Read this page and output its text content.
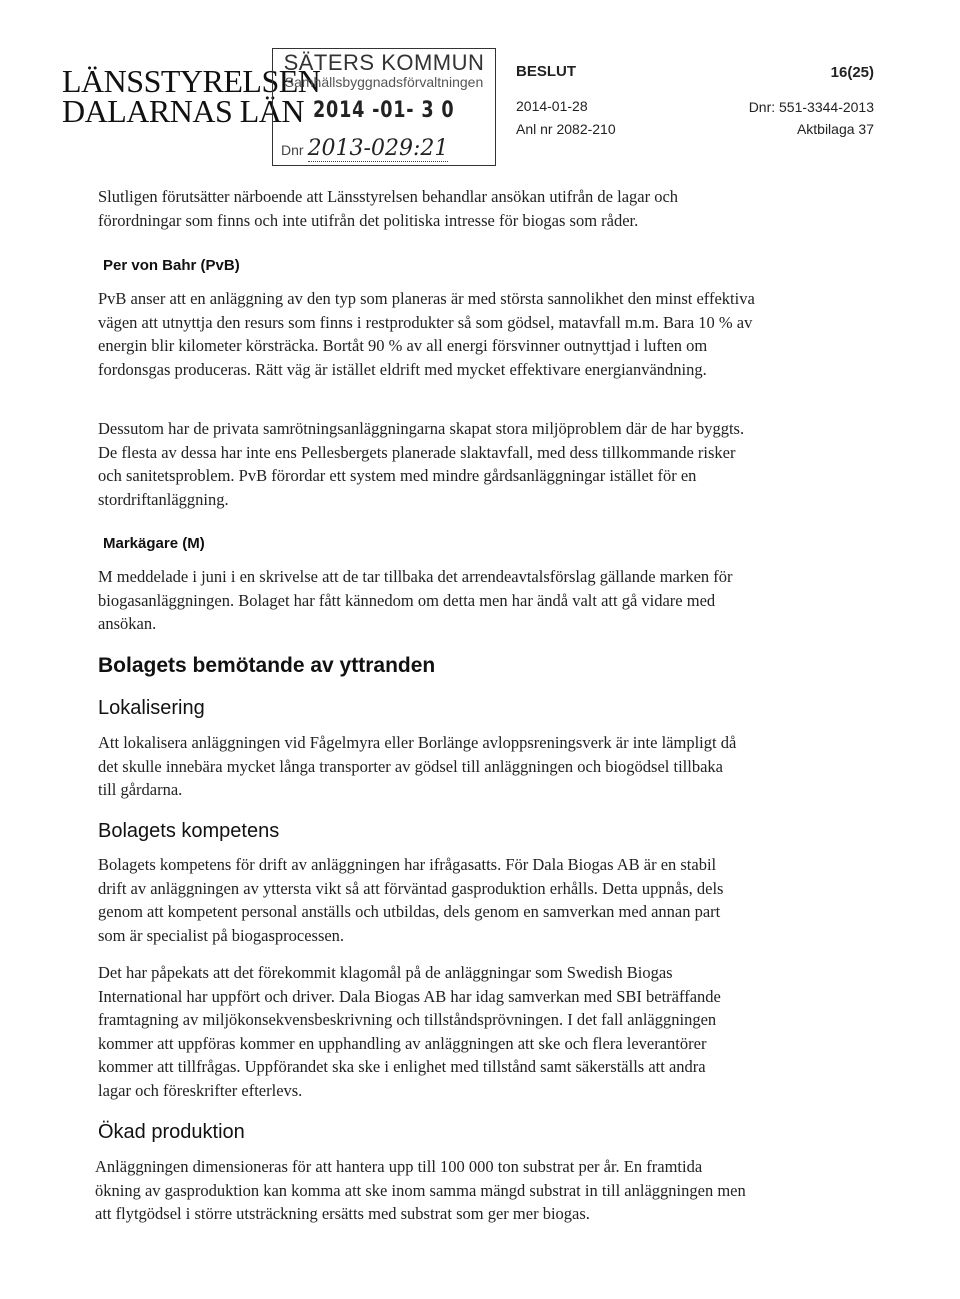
LÄNSSTYRELSEN
DALARNAS LÄN
SÄTERS KOMMUN
Samhällsbyggnadsförvaltningen
2014 -01- 3 0
Dnr 2013-029:21
BESLUT
2014-01-28
Anl nr 2082-210
16(25)
Dnr: 551-3344-2013
Aktbilaga 37

Slutligen förutsätter närboende att Länsstyrelsen behandlar ansökan utifrån de lagar och förordningar som finns och inte utifrån det politiska intresse för biogas som råder.

Per von Bahr (PvB)

PvB anser att en anläggning av den typ som planeras är med största sannolikhet den minst effektiva vägen att utnyttja den resurs som finns i restprodukter så som gödsel, matavfall m.m. Bara 10 % av energin blir kilometer körsträcka. Bortåt 90 % av all energi försvinner outnyttjad i luften om fordonsgas produceras. Rätt väg är istället eldrift med mycket effektivare energianvändning.

Dessutom har de privata samrötningsanläggningarna skapat stora miljöproblem där de har byggts. De flesta av dessa har inte ens Pellesbergets planerade slaktavfall, med dess tillkommande risker och sanitetsproblem. PvB förordar ett system med mindre gårdsanläggningar istället för en stordriftanläggning.

Markägare (M)

M meddelade i juni i en skrivelse att de tar tillbaka det arrendeavtalsförslag gällande marken för biogasanläggningen. Bolaget har fått kännedom om detta men har ändå valt att gå vidare med ansökan.

Bolagets bemötande av yttranden
Lokalisering

Att lokalisera anläggningen vid Fågelmyra eller Borlänge avloppsreningsverk är inte lämpligt då det skulle innebära mycket långa transporter av gödsel till anläggningen och biogödsel tillbaka till gårdarna.

Bolagets kompetens

Bolagets kompetens för drift av anläggningen har ifrågasatts. För Dala Biogas AB är en stabil drift av anläggningen av yttersta vikt så att förväntad gasproduktion erhålls. Detta uppnås, dels genom att kompetent personal anställs och utbildas, dels genom en samverkan med annan part som är specialist på biogasprocessen.

Det har påpekats att det förekommit klagomål på de anläggningar som Swedish Biogas International har uppfört och driver. Dala Biogas AB har idag samverkan med SBI beträffande framtagning av miljökonsekvensbeskrivning och tillståndsprövningen. I det fall anläggningen kommer att uppföras kommer en upphandling av anläggningen att ske och flera leverantörer kommer att tillfrågas. Uppförandet ska ske i enlighet med tillstånd samt säkerställs att andra lagar och föreskrifter efterlevs.

Ökad produktion

Anläggningen dimensioneras för att hantera upp till 100 000 ton substrat per år. En framtida ökning av gasproduktion kan komma att ske inom samma mängd substrat in till anläggningen men att flytgödsel i större utsträckning ersätts med substrat som ger mer biogas.
